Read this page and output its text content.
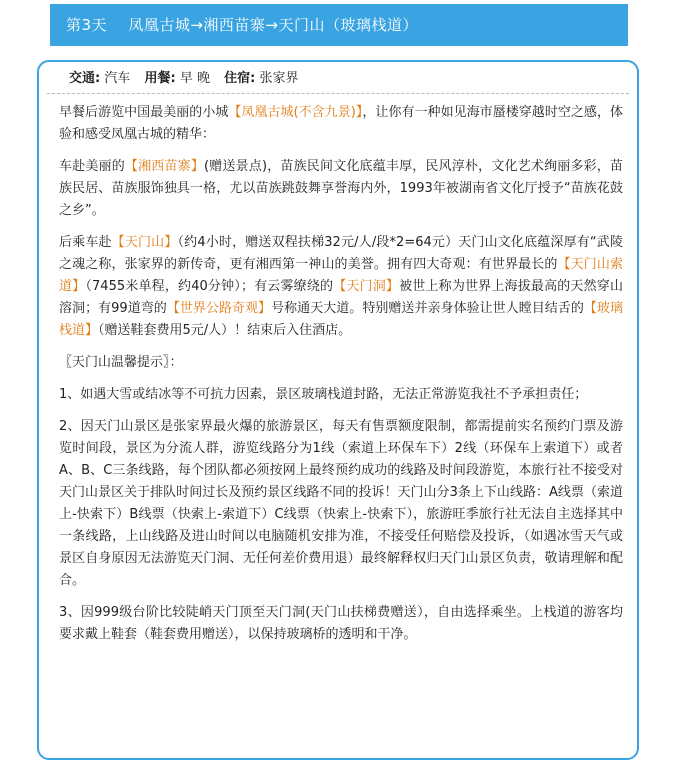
第3天 凤凰古城→湘西苗寨→天门山（玻璃栈道）
交通: 汽车 用餐: 早 晚 住宿: 张家界

早餐后游览中国最美丽的小城【凤凰古城(不含九景)】，让你有一种如见海市蜃楼穿越时空之感，体验和感受凤凰古城的精华：

车赴美丽的【湘西苗寨】(赠送景点)，苗族民间文化底蕴丰厚，民风淳朴，文化艺术绚丽多彩，苗族民居、苗族服饰独具一格，尤以苗族跳鼓舞享誉海内外，1993年被湖南省文化厅授予“苗族花鼓之乡”。

后乘车赴【天门山】（约4小时，赠送双程扶梯32元/人/段*2=64元）天门山文化底蕴深厚有“武陵之魂之称，张家界的新传奇，更有湘西第一神山的美誉。拥有四大奇观：有世界最长的【天门山索道】（7455米单程，约40分钟）；有云雾缭绕的【天门洞】被世上称为世界上海拔最高的天然穿山溶洞；有99道弯的【世界公路奇观】号称通天大道。特别赠送并亲身体验让世人瞠目结舌的【玻璃栈道】（赠送鞋套费用5元/人）！结束后入住酒店。

〖天门山温馨提示〗：

1、如遇大雪或结冰等不可抗力因素，景区玻璃栈道封路，无法正常游览我社不予承担责任；

2、因天门山景区是张家界最火爆的旅游景区，每天有售票额度限制，都需提前实名预约门票及游览时间段，景区为分流人群，游览线路分为1线（索道上环保车下）2线（环保车上索道下）或者A、B、C三条线路，每个团队都必须按网上最终预约成功的线路及时间段游览，本旅行社不接受对天门山景区关于排队时间过长及预约景区线路不同的投诉！天门山分3条上下山线路：A线票（索道上-快索下）B线票（快索上-索道下）C线票（快索上-快索下），旅游旺季旅行社无法自主选择其中一条线路，上山线路及进山时间以电脑随机安排为准，不接受任何赔偿及投诉，（如遇冰雪天气或景区自身原因无法游览天门洞、无任何差价费用退）最终解释权归天门山景区负责，敬请理解和配合。

3、因999级台阶比较陡峭天门顶至天门洞(天门山扶梯费赠送），自由选择乘坐。上栈道的游客均要求戴上鞋套（鞋套费用赠送），以保持玻璃桥的透明和干净。
